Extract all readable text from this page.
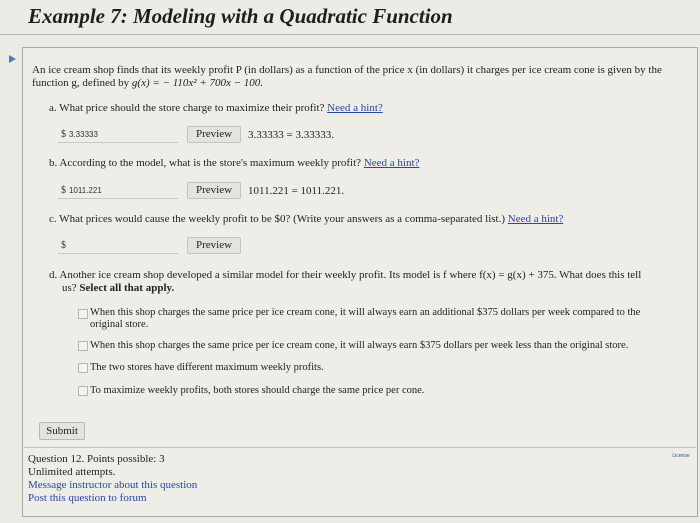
Example 7: Modeling with a Quadratic Function
An ice cream shop finds that its weekly profit P (in dollars) as a function of the price x (in dollars) it charges per ice cream cone is given by the
function g, defined by g(x) = − 110x² + 700x − 100.
a. What price should the store charge to maximize their profit? Need a hint?
$ 3.33333	Preview	3.33333 = 3.33333.
b. According to the model, what is the store's maximum weekly profit? Need a hint?
$ 1011.221	Preview	1011.221 = 1011.221.
c. What prices would cause the weekly profit to be $0? (Write your answers as a comma-separated list.) Need a hint?
$	Preview
d. Another ice cream shop developed a similar model for their weekly profit. Its model is f where f(x) = g(x) + 375. What does this tell
us? Select all that apply.
When this shop charges the same price per ice cream cone, it will always earn an additional $375 dollars per week compared to the
original store.
When this shop charges the same price per ice cream cone, it will always earn $375 dollars per week less than the original store.
The two stores have different maximum weekly profits.
To maximize weekly profits, both stores should charge the same price per cone.
Submit
License
Question 12. Points possible: 3
Unlimited attempts.
Message instructor about this question
Post this question to forum
